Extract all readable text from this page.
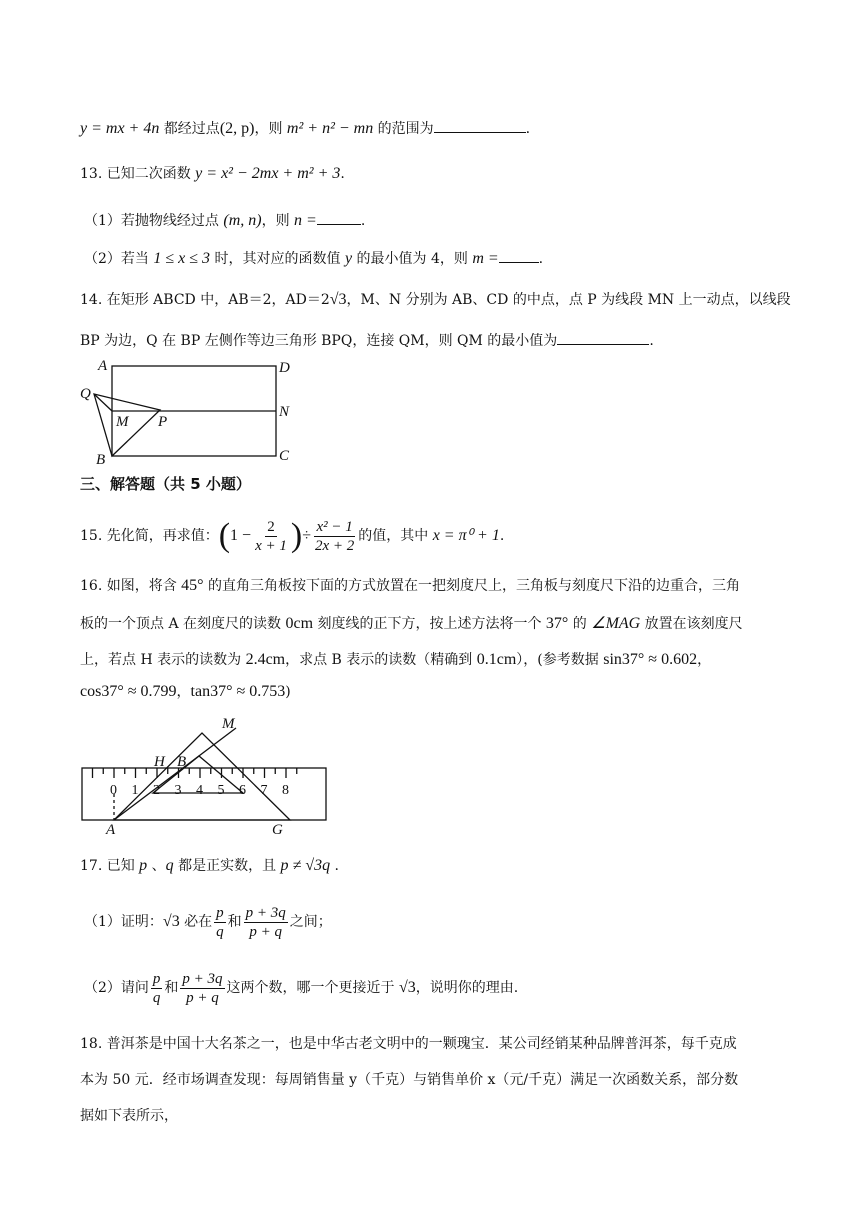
y = mx + 4n 都经过点(2, p)，则 m² + n² − mn 的范围为	.
13. 已知二次函数 y = x² − 2mx + m² + 3.
（1）若抛物线经过点 (m, n)，则 n =	.
（2）若当 1 ≤ x ≤ 3 时，其对应的函数值 y 的最小值为 4，则 m =	.
14. 在矩形 ABCD 中，AB＝2，AD＝2√3，M、N 分别为 AB、CD 的中点，点 P 为线段 MN 上一动点，以线段
BP 为边，Q 在 BP 左侧作等边三角形 BPQ，连接 QM，则 QM 的最小值为	.
A	D
Q
M P
N
B	C
三、解答题（共 5 小题）
15. 先化简，再求值：($1 - \frac{2}{x + 1}$ )÷ $\frac{\text{x² − 1}}{2x + 2}$ 的值，其中 x = π⁰ + 1.
16. 如图，将含 45° 的直角三角板按下面的方式放置在一把刻度尺上，三角板与刻度尺下沿的边重合，三角
板的一个顶点 A 在刻度尺的读数 0cm 刻度线的正下方，按上述方法将一个 37° 的 ∠MAG 放置在该刻度尺
上，若点 H 表示的读数为 2.4cm，求点 B 表示的读数（精确到 0.1cm），(参考数据 sin37° ≈ 0.602，
cos37° ≈ 0.799，tan37° ≈ 0.753)
0 1 2 3 4 5 6 7 8
M
H B
A	G
17. 已知 p 、q 都是正实数，且 p ≠ √3q .
（1）证明：√3 必在 $\frac{p}{q}$ 和 $\frac{p + 3q}{p + q}$ 之间；
（2）请问 $\frac{p}{q}$ 和 $\frac{p + 3q}{p + q}$ 这两个数，哪一个更接近于 √3，说明你的理由.
18. 普洱茶是中国十大名茶之一，也是中华古老文明中的一颗瑰宝．某公司经销某种品牌普洱茶，每千克成
本为 50 元．经市场调查发现：每周销售量 y（千克）与销售单价 x（元/千克）满足一次函数关系，部分数
据如下表所示，
